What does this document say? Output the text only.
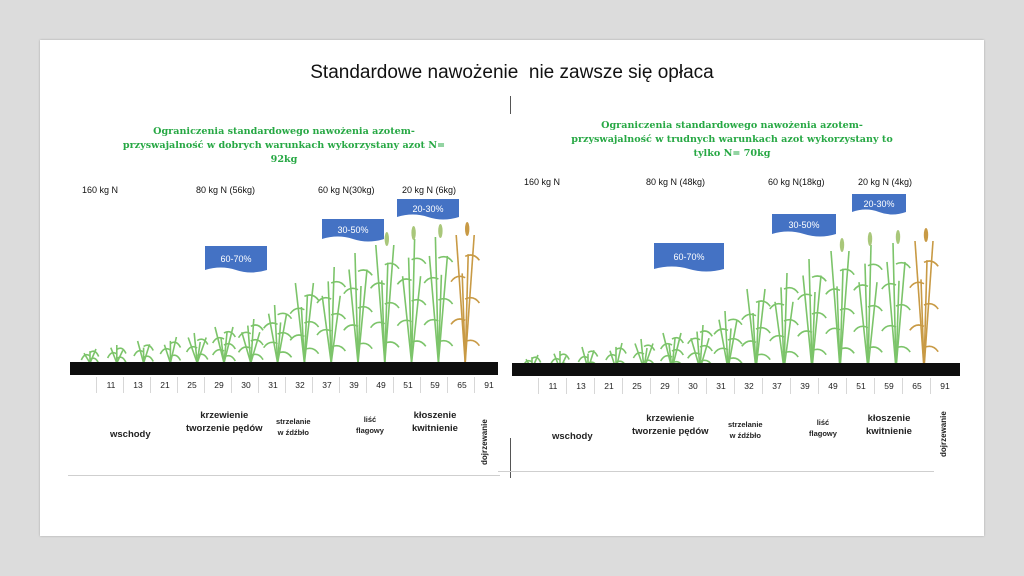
Standardowe nawożenie  nie zawsze się opłaca
Ograniczenia standardowego nawożenia azotem- przyswajalność w dobrych warunkach wykorzystany azot N= 92kg
160 kg N	80 kg N (56kg)	60 kg N(30kg)	20 kg N (6kg)
60-70%
30-50%
20-30%
11	13	21	25	29	30	31	32	37	39	49	51	59	65	91
wschody
krzewienie
tworzenie pędów
strzelanie
w źdźbło
liść
flagowy
kłoszenie
kwitnienie	dojrzewanie
Ograniczenia standardowego nawożenia azotem- przyswajalność w trudnych warunkach azot wykorzystany to tylko N= 70kg
160 kg N	80 kg N (48kg)	60 kg N(18kg)	20 kg N (4kg)
60-70%
30-50%
20-30%
11	13	21	25	29	30	31	32	37	39	49	51	59	65	91
wschody
krzewienie
tworzenie pędów
strzelanie
w źdźbło
liść
flagowy
kłoszenie
kwitnienie	dojrzewanie
